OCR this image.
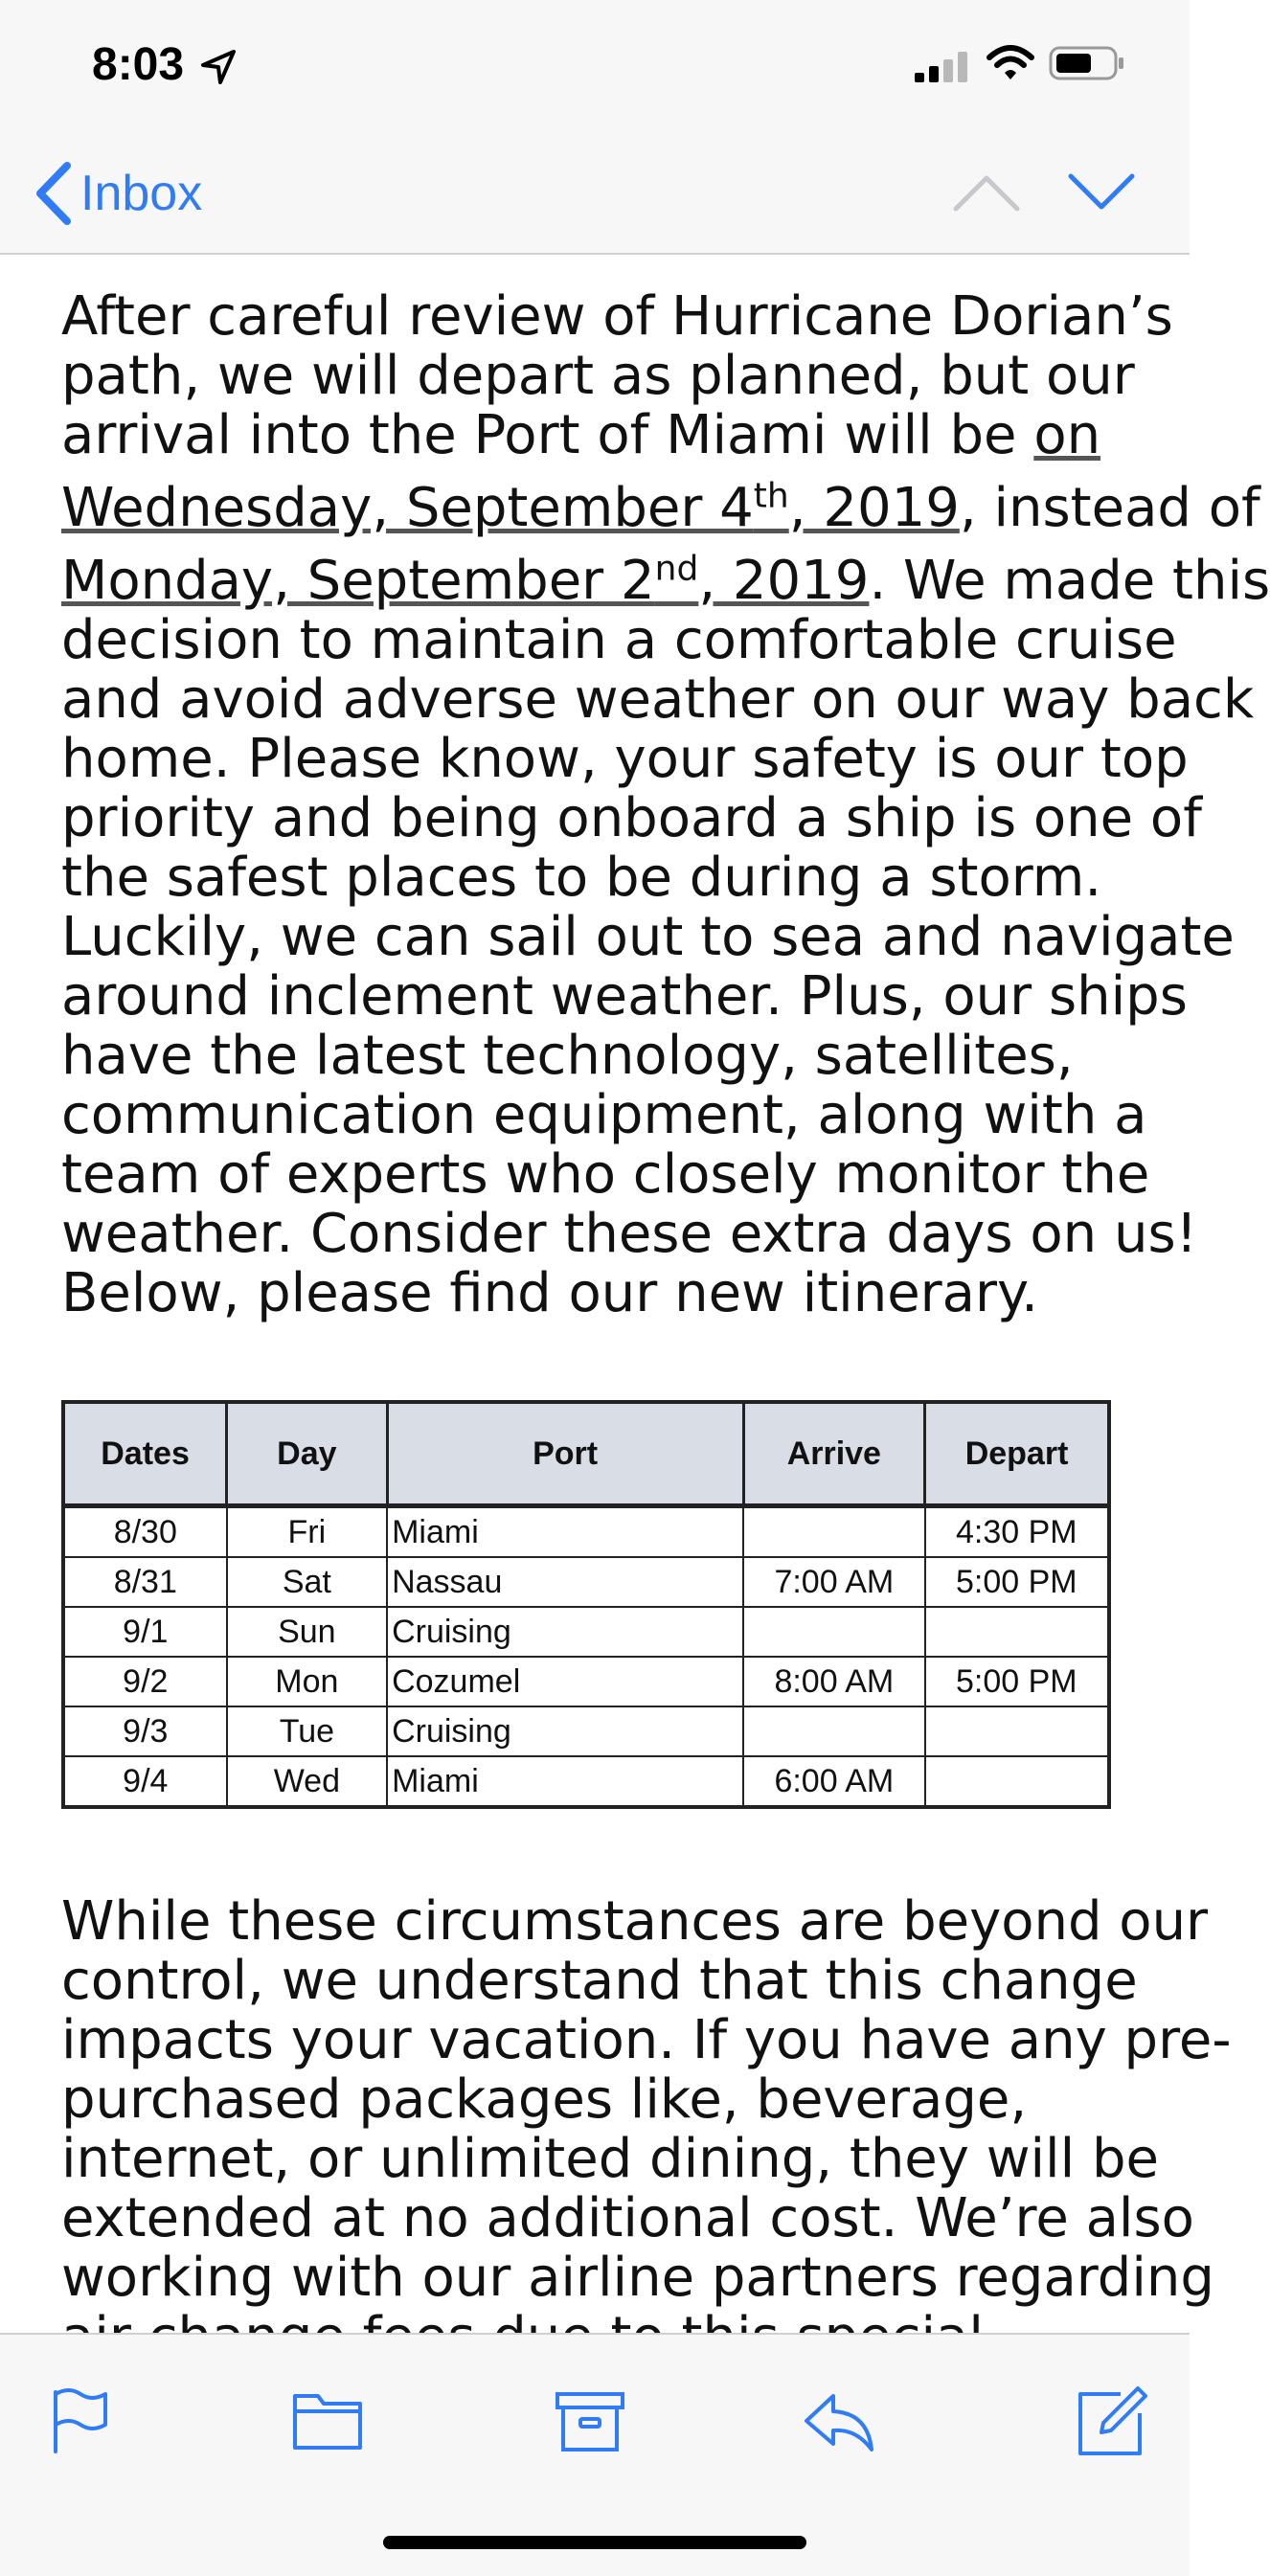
8:03
Inbox
After careful review of Hurricane Dorian’s
path, we will depart as planned, but our
arrival into the Port of Miami will be on
Wednesday, September 4th, 2019, instead of
Monday, September 2nd, 2019. We made this
decision to maintain a comfortable cruise
and avoid adverse weather on our way back
home. Please know, your safety is our top
priority and being onboard a ship is one of
the safest places to be during a storm.
Luckily, we can sail out to sea and navigate
around inclement weather. Plus, our ships
have the latest technology, satellites,
communication equipment, along with a
team of experts who closely monitor the
weather. Consider these extra days on us!
Below, please find our new itinerary.
Dates	Day	Port	Arrive	Depart
8/30	Fri	Miami		4:30 PM
8/31	Sat	Nassau	7:00 AM	5:00 PM
9/1	Sun	Cruising		
9/2	Mon	Cozumel	8:00 AM	5:00 PM
9/3	Tue	Cruising		
9/4	Wed	Miami	6:00 AM	
While these circumstances are beyond our
control, we understand that this change
impacts your vacation. If you have any pre-
purchased packages like, beverage,
internet, or unlimited dining, they will be
extended at no additional cost. We’re also
working with our airline partners regarding
